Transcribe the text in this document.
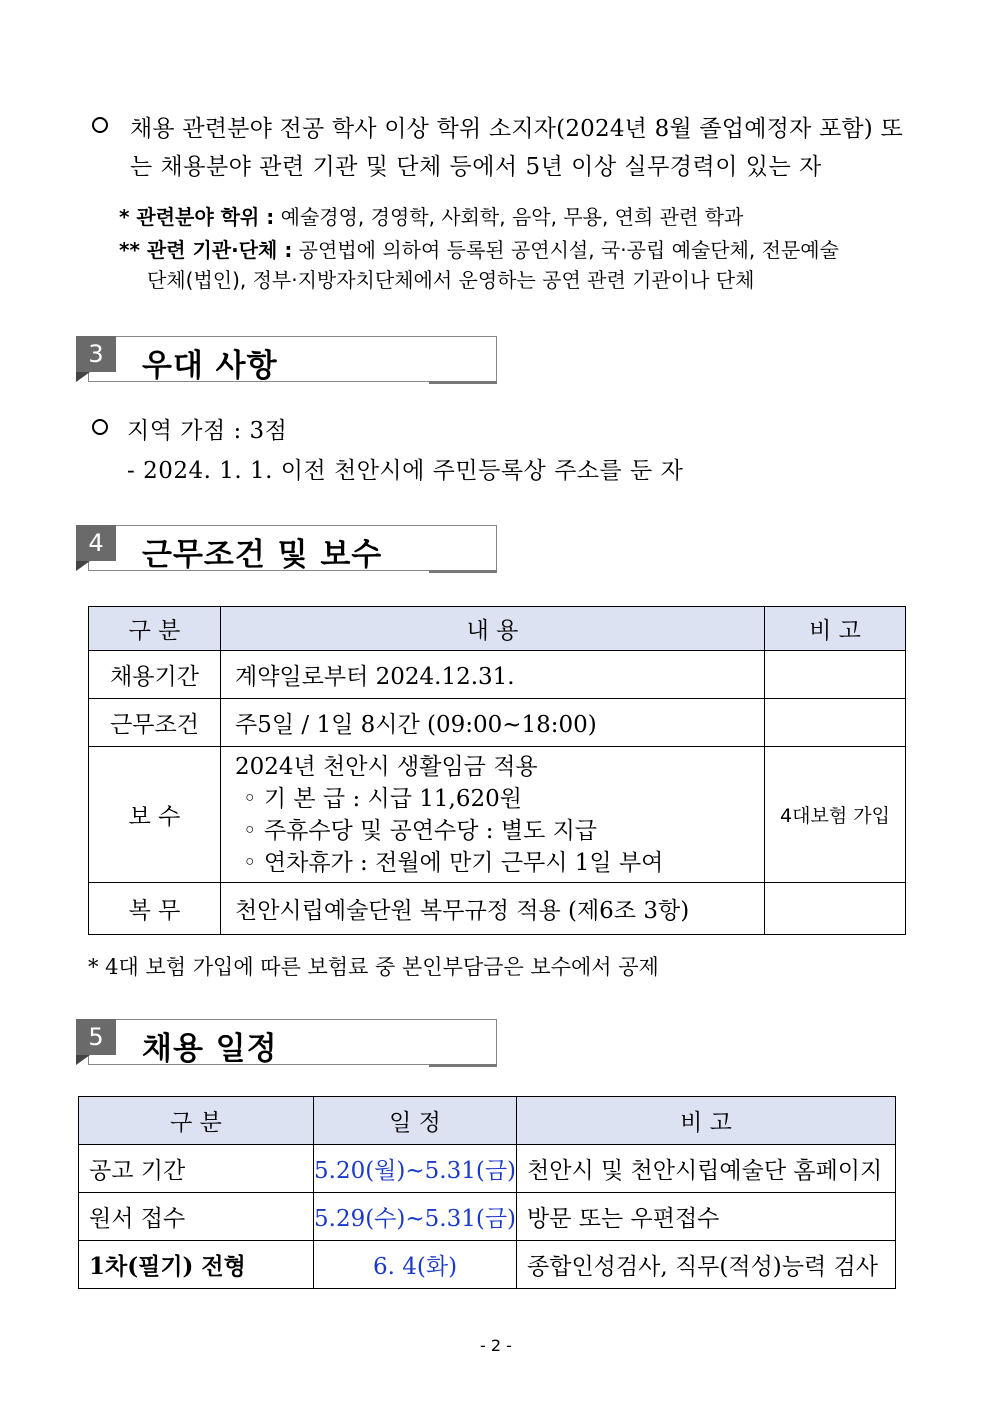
채용 관련분야 전공 학사 이상 학위 소지자(2024년 8월 졸업예정자 포함) 또
는 채용분야 관련 기관 및 단체 등에서 5년 이상 실무경력이 있는 자
* 관련분야 학위 : 예술경영, 경영학, 사회학, 음악, 무용, 연희 관련 학과
** 관련 기관·단체 : 공연법에 의하여 등록된 공연시설, 국·공립 예술단체, 전문예술
단체(법인), 정부·지방자치단체에서 운영하는 공연 관련 기관이나 단체
3	우대 사항
지역 가점 : 3점
- 2024. 1. 1. 이전 천안시에 주민등록상 주소를 둔 자
4	근무조건 및 보수
구 분	내 용	비 고
채용기간	계약일로부터 2024.12.31.	
근무조건	주5일 / 1일 8시간 (09:00~18:00)	
보 수	2024년 천안시 생활임금 적용
◦ 기 본 급 : 시급 11,620원
◦ 주휴수당 및 공연수당 : 별도 지급
◦ 연차휴가 : 전월에 만기 근무시 1일 부여	4대보험 가입
복 무	천안시립예술단원 복무규정 적용 (제6조 3항)	
* 4대 보험 가입에 따른 보험료 중 본인부담금은 보수에서 공제
5	채용 일정
구 분	일 정	비 고
공고 기간	5.20(월)~5.31(금)	천안시 및 천안시립예술단 홈페이지
원서 접수	5.29(수)~5.31(금)	방문 또는 우편접수
1차(필기) 전형	6. 4(화)	종합인성검사, 직무(적성)능력 검사
- 2 -
